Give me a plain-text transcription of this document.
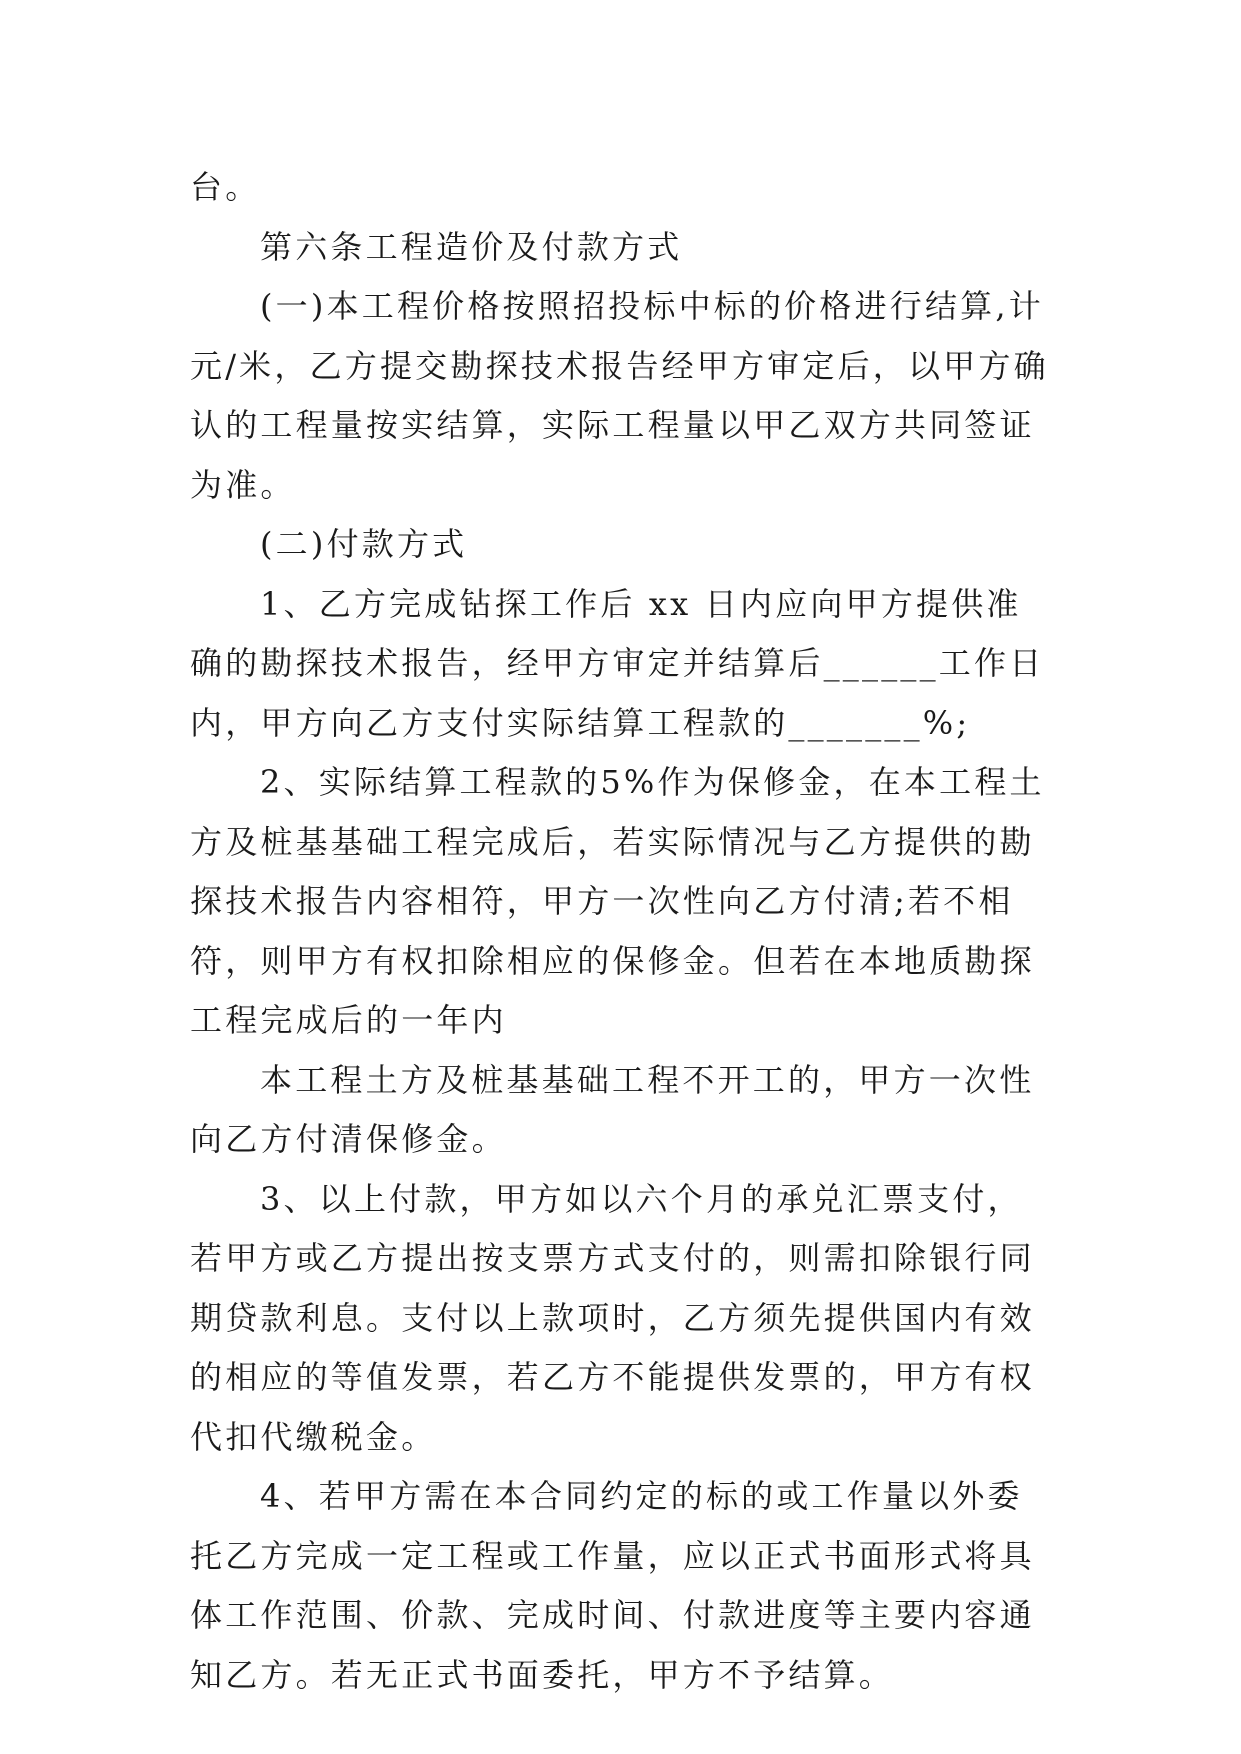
台。

第六条工程造价及付款方式

(一)本工程价格按照招投标中标的价格进行结算,计元/米，乙方提交勘探技术报告经甲方审定后，以甲方确认的工程量按实结算，实际工程量以甲乙双方共同签证为准。

(二)付款方式

1、乙方完成钻探工作后 xx 日内应向甲方提供准确的勘探技术报告，经甲方审定并结算后______工作日内，甲方向乙方支付实际结算工程款的_______%;

2、实际结算工程款的5%作为保修金，在本工程土方及桩基基础工程完成后，若实际情况与乙方提供的勘探技术报告内容相符，甲方一次性向乙方付清;若不相符，则甲方有权扣除相应的保修金。但若在本地质勘探工程完成后的一年内

本工程土方及桩基基础工程不开工的，甲方一次性向乙方付清保修金。

3、以上付款，甲方如以六个月的承兑汇票支付，若甲方或乙方提出按支票方式支付的，则需扣除银行同期贷款利息。支付以上款项时，乙方须先提供国内有效的相应的等值发票，若乙方不能提供发票的，甲方有权代扣代缴税金。

4、若甲方需在本合同约定的标的或工作量以外委托乙方完成一定工程或工作量，应以正式书面形式将具体工作范围、价款、完成时间、付款进度等主要内容通知乙方。若无正式书面委托，甲方不予结算。
